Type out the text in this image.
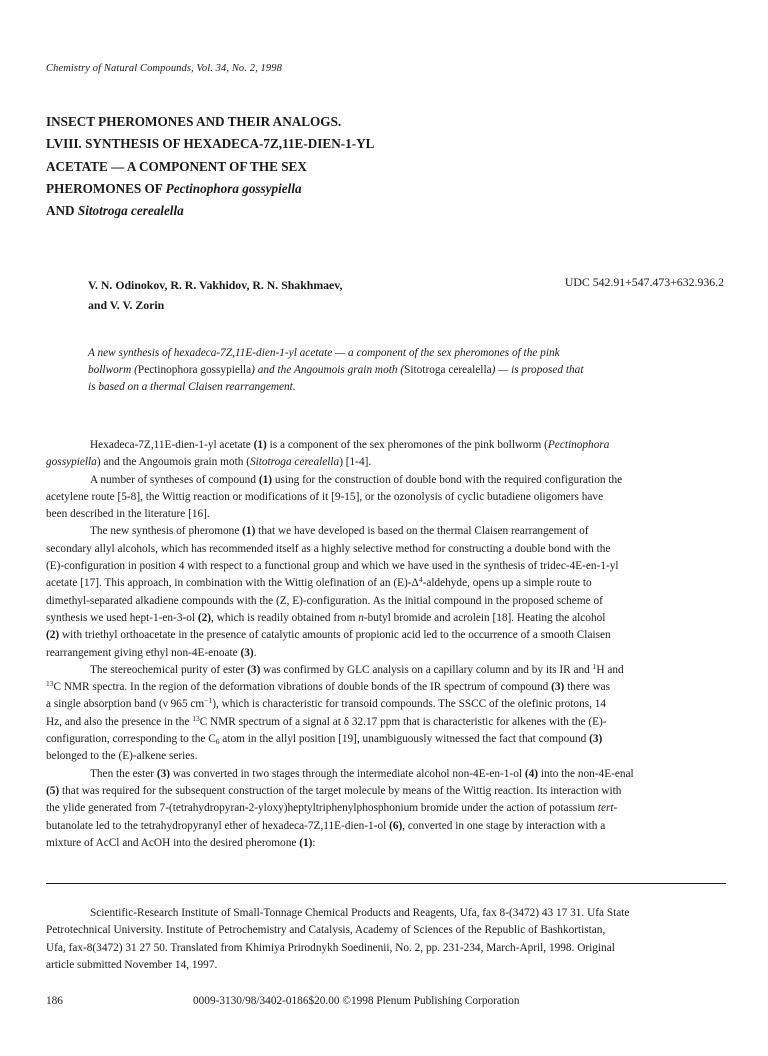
Chemistry of Natural Compounds, Vol. 34, No. 2, 1998
INSECT PHEROMONES AND THEIR ANALOGS.
LVIII. SYNTHESIS OF HEXADECA-7Z,11E-DIEN-1-YL
ACETATE — A COMPONENT OF THE SEX
PHEROMONES OF Pectinophora gossypiella
AND Sitotroga cerealella
V. N. Odinokov, R. R. Vakhidov, R. N. Shakhmaev,
and V. V. Zorin
UDC 542.91+547.473+632.936.2
A new synthesis of hexadeca-7Z,11E-dien-1-yl acetate — a component of the sex pheromones of the pink
bollworm (Pectinophora gossypiella) and the Angoumois grain moth (Sitotroga cerealella) — is proposed that
is based on a thermal Claisen rearrangement.
Hexadeca-7Z,11E-dien-1-yl acetate (1) is a component of the sex pheromones of the pink bollworm (Pectinophora
gossypiella) and the Angoumois grain moth (Sitotroga cerealella) [1-4].
A number of syntheses of compound (1) using for the construction of double bond with the required configuration the
acetylene route [5-8], the Wittig reaction or modifications of it [9-15], or the ozonolysis of cyclic butadiene oligomers have
been described in the literature [16].
The new synthesis of pheromone (1) that we have developed is based on the thermal Claisen rearrangement of
secondary allyl alcohols, which has recommended itself as a highly selective method for constructing a double bond with the
(E)-configuration in position 4 with respect to a functional group and which we have used in the synthesis of tridec-4E-en-1-yl
acetate [17]. This approach, in combination with the Wittig olefination of an $(E)-\Delta^4$-aldehyde, opens up a simple route to
dimethyl-separated alkadiene compounds with the (Z, E)-configuration. As the initial compound in the proposed scheme of
synthesis we used hept-1-en-3-ol (2), which is readily obtained from n-butyl bromide and acrolein [18]. Heating the alcohol
(2) with triethyl orthoacetate in the presence of catalytic amounts of propionic acid led to the occurrence of a smooth Claisen
rearrangement giving ethyl non-4E-enoate (3).
The stereochemical purity of ester (3) was confirmed by GLC analysis on a capillary column and by its IR and $^1$H and
$^{13}$C NMR spectra. In the region of the deformation vibrations of double bonds of the IR spectrum of compound (3) there was
a single absorption band (ν 965 $cm^{-1}$), which is characteristic for transoid compounds. The SSCC of the olefinic protons, 14
Hz, and also the presence in the $^{13}$C NMR spectrum of a signal at δ 32.17 ppm that is characteristic for alkenes with the (E)-
configuration, corresponding to the $C_6$ atom in the allyl position [19], unambiguously witnessed the fact that compound (3)
belonged to the (E)-alkene series.
Then the ester (3) was converted in two stages through the intermediate alcohol non-4E-en-1-ol (4) into the non-4E-enal
(5) that was required for the subsequent construction of the target molecule by means of the Wittig reaction. Its interaction with
the ylide generated from 7-(tetrahydropyran-2-yloxy)heptyltriphenylphosphonium bromide under the action of potassium tert-
butanolate led to the tetrahydropyranyl ether of hexadeca-7Z,11E-dien-1-ol (6), converted in one stage by interaction with a
mixture of AcCl and AcOH into the desired pheromone (1):
Scientific-Research Institute of Small-Tonnage Chemical Products and Reagents, Ufa, fax 8-(3472) 43 17 31. Ufa State
Petrotechnical University. Institute of Petrochemistry and Catalysis, Academy of Sciences of the Republic of Bashkortistan,
Ufa, fax-8(3472) 31 27 50. Translated from Khimiya Prirodnykh Soedinenii, No. 2, pp. 231-234, March-April, 1998. Original
article submitted November 14, 1997.
186	0009-3130/98/3402-0186$20.00 ©1998 Plenum Publishing Corporation
